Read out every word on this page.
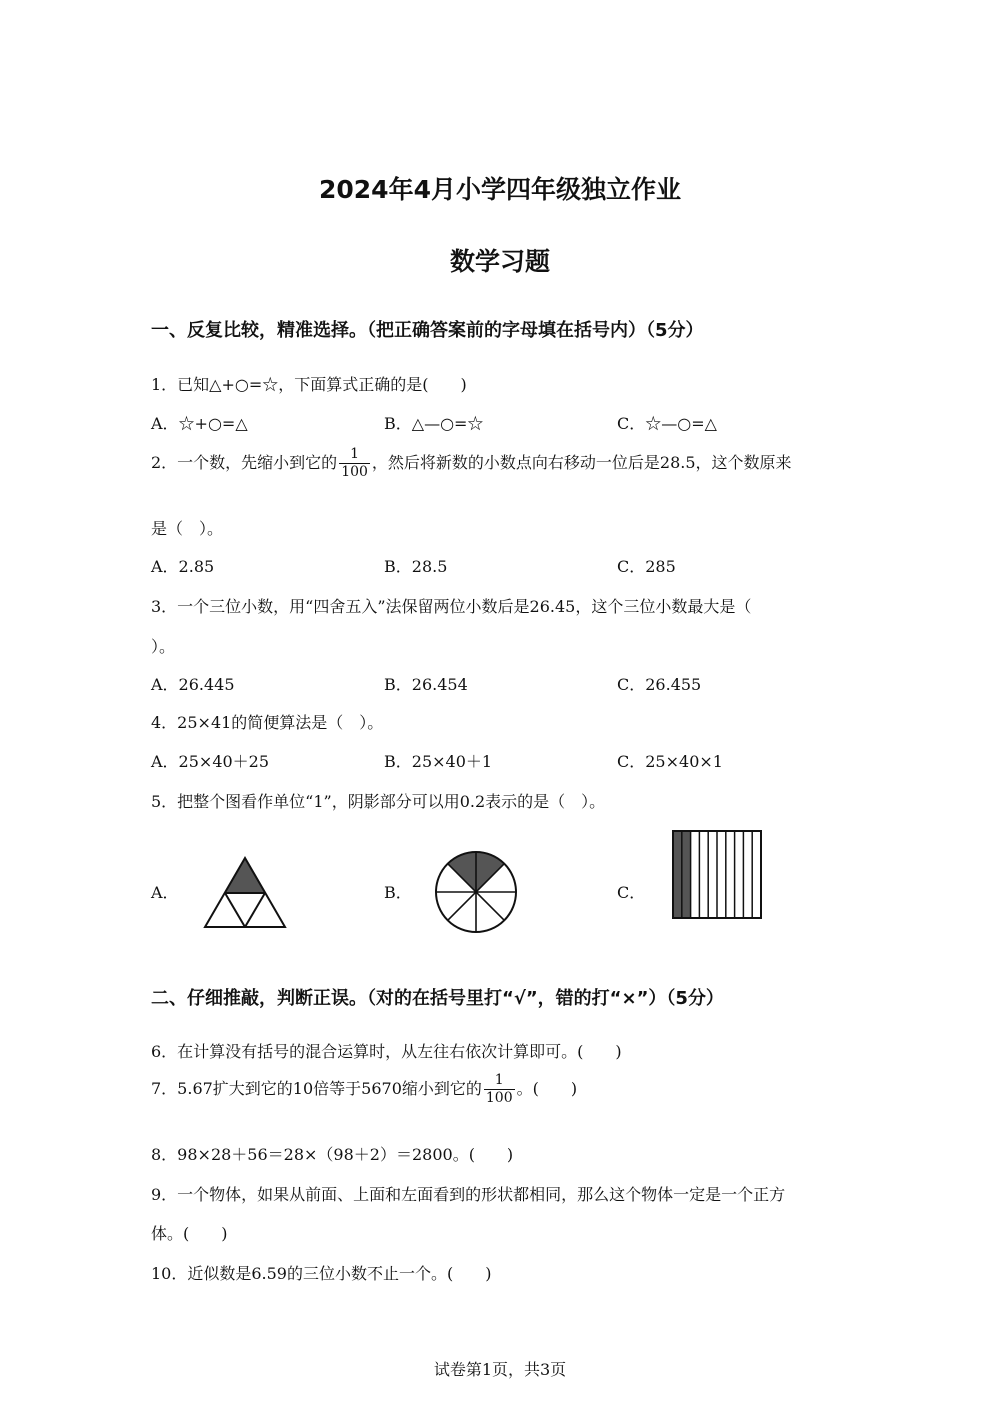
2024年4月小学四年级独立作业
数学习题
一、反复比较，精准选择。（把正确答案前的字母填在括号内）（5分）
1．已知△+○=☆，下面算式正确的是(　　)
A．☆+○=△	B．△—○=☆	C．☆—○=△
2．一个数，先缩小到它的 $\frac{1}{100}$ ，然后将新数的小数点向右移动一位后是28.5，这个数原来
是（　）。
A．2.85	B．28.5	C．285
3．一个三位小数，用“四舍五入”法保留两位小数后是26.45，这个三位小数最大是（
）。
A．26.445	B．26.454	C．26.455
4．25×41的简便算法是（　）。
A．25×40＋25	B．25×40＋1	C．25×40×1
5．把整个图看作单位“1”，阴影部分可以用0.2表示的是（　）。
A．	B．	C．
二、仔细推敲，判断正误。（对的在括号里打“√”，错的打“×”）（5分）
6．在计算没有括号的混合运算时，从左往右依次计算即可。(　　)
7．5.67扩大到它的10倍等于5670缩小到它的 $\frac{1}{100}$ 。(　　)
8．98×28＋56＝28×（98＋2）＝2800。(　　)
9．一个物体，如果从前面、上面和左面看到的形状都相同，那么这个物体一定是一个正方
体。(　　)
10．近似数是6.59的三位小数不止一个。(　　)
试卷第1页，共3页
